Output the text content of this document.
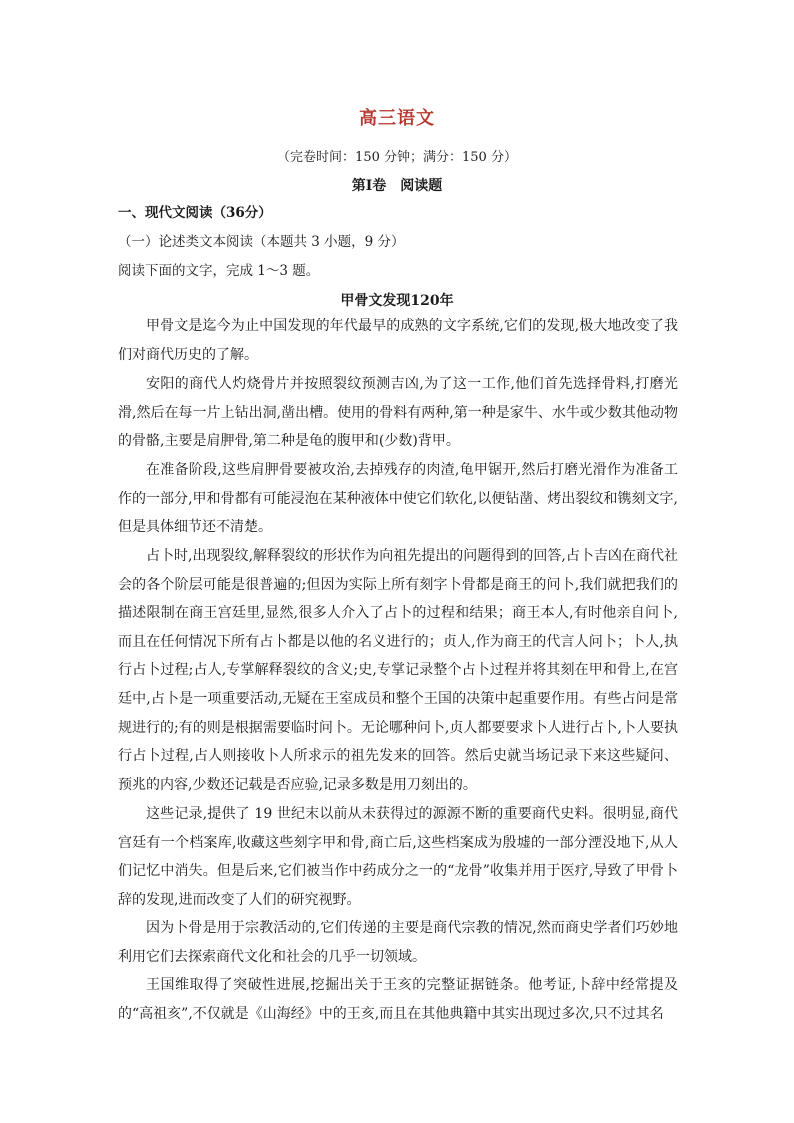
高三语文
（完卷时间：150 分钟；满分：150 分）
第Ⅰ卷　阅读题
一、现代文阅读（36分）
（一）论述类文本阅读（本题共 3 小题，9 分）
阅读下面的文字，完成 1～3 题。
甲骨文发现120年

甲骨文是迄今为止中国发现的年代最早的成熟的文字系统,它们的发现,极大地改变了我们对商代历史的了解。

安阳的商代人灼烧骨片并按照裂纹预测吉凶,为了这一工作,他们首先选择骨料,打磨光滑,然后在每一片上钻出洞,凿出槽。使用的骨料有两种,第一种是家牛、水牛或少数其他动物的骨骼,主要是肩胛骨,第二种是龟的腹甲和(少数)背甲。

在准备阶段,这些肩胛骨要被攻治,去掉残存的肉渣,龟甲锯开,然后打磨光滑作为准备工作的一部分,甲和骨都有可能浸泡在某种液体中使它们软化,以便钻凿、烤出裂纹和镌刻文字,但是具体细节还不清楚。

占卜时,出现裂纹,解释裂纹的形状作为向祖先提出的问题得到的回答,占卜吉凶在商代社会的各个阶层可能是很普遍的;但因为实际上所有刻字卜骨都是商王的问卜,我们就把我们的描述限制在商王宫廷里,显然,很多人介入了占卜的过程和结果；商王本人,有时他亲自问卜,而且在任何情况下所有占卜都是以他的名义进行的；贞人,作为商王的代言人问卜；卜人,执行占卜过程;占人,专掌解释裂纹的含义;史,专掌记录整个占卜过程并将其刻在甲和骨上,在宫廷中,占卜是一项重要活动,无疑在王室成员和整个王国的决策中起重要作用。有些占问是常规进行的;有的则是根据需要临时问卜。无论哪种问卜,贞人都要要求卜人进行占卜,卜人要执行占卜过程,占人则接收卜人所求示的祖先发来的回答。然后史就当场记录下来这些疑问、预兆的内容,少数还记载是否应验,记录多数是用刀刻出的。

这些记录,提供了 19 世纪末以前从未获得过的源源不断的重要商代史料。很明显,商代宫廷有一个档案库,收藏这些刻字甲和骨,商亡后,这些档案成为殷墟的一部分湮没地下,从人们记忆中消失。但是后来,它们被当作中药成分之一的“龙骨”收集并用于医疗,导致了甲骨卜辞的发现,进而改变了人们的研究视野。

因为卜骨是用于宗教活动的,它们传递的主要是商代宗教的情况,然而商史学者们巧妙地利用它们去探索商代文化和社会的几乎一切领域。

王国维取得了突破性进展,挖掘出关于王亥的完整证据链条。他考证,卜辞中经常提及的“高祖亥”,不仅就是《山海经》中的王亥,而且在其他典籍中其实出现过多次,只不过其名
